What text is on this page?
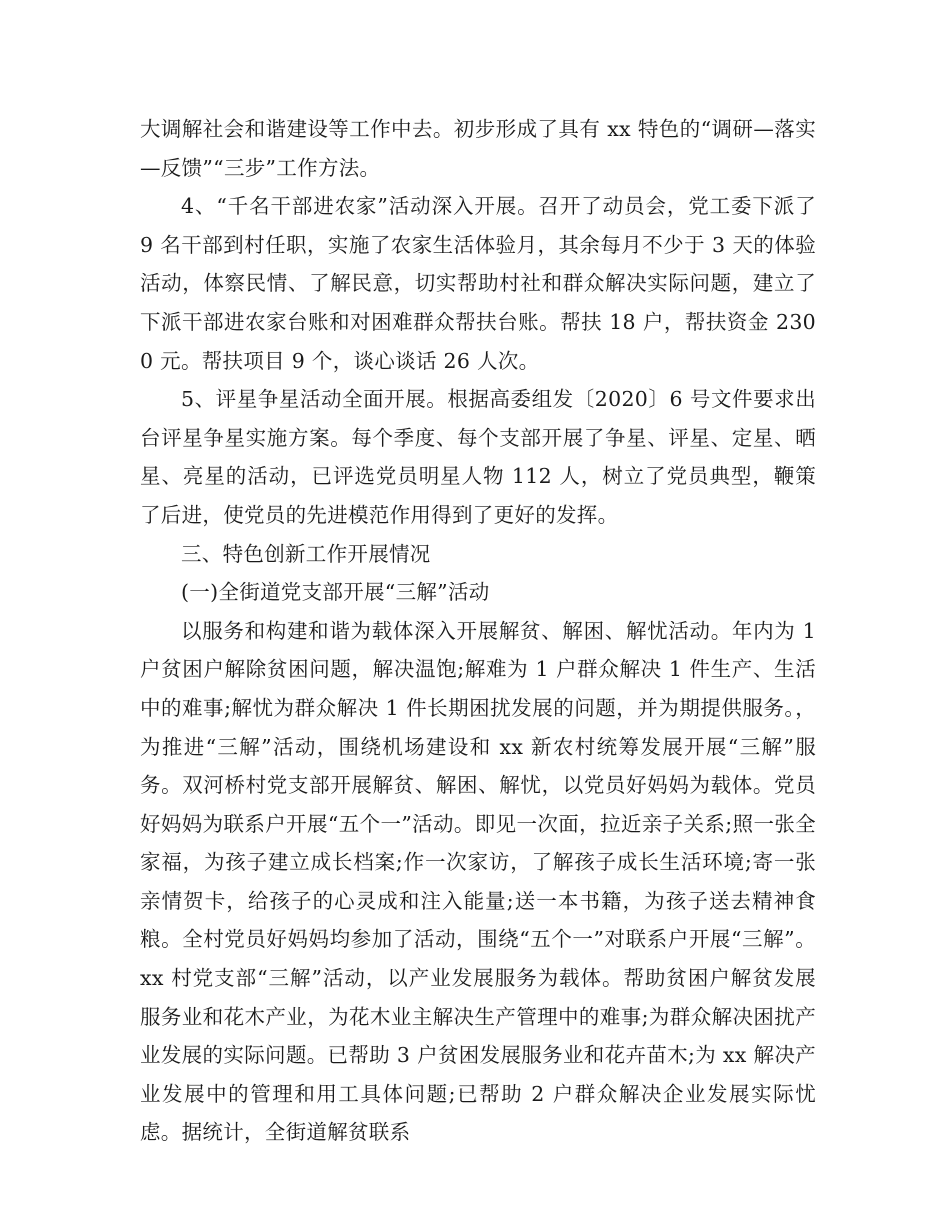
大调解社会和谐建设等工作中去。初步形成了具有 xx 特色的“调研—落实—反馈”“三步”工作方法。

4、“千名干部进农家”活动深入开展。召开了动员会，党工委下派了 9 名干部到村任职，实施了农家生活体验月，其余每月不少于 3 天的体验活动，体察民情、了解民意，切实帮助村社和群众解决实际问题，建立了下派干部进农家台账和对困难群众帮扶台账。帮扶 18 户，帮扶资金 2300 元。帮扶项目 9 个，谈心谈话 26 人次。

5、评星争星活动全面开展。根据高委组发〔2020〕6 号文件要求出台评星争星实施方案。每个季度、每个支部开展了争星、评星、定星、晒星、亮星的活动，已评选党员明星人物 112 人，树立了党员典型，鞭策了后进，使党员的先进模范作用得到了更好的发挥。

三、特色创新工作开展情况

(一)全街道党支部开展“三解”活动

以服务和构建和谐为载体深入开展解贫、解困、解忧活动。年内为 1 户贫困户解除贫困问题，解决温饱;解难为 1 户群众解决 1 件生产、生活中的难事;解忧为群众解决 1 件长期困扰发展的问题，并为期提供服务。，为推进“三解”活动，围绕机场建设和 xx 新农村统筹发展开展“三解”服务。双河桥村党支部开展解贫、解困、解忧，以党员好妈妈为载体。党员好妈妈为联系户开展“五个一”活动。即见一次面，拉近亲子关系;照一张全家福，为孩子建立成长档案;作一次家访，了解孩子成长生活环境;寄一张亲情贺卡，给孩子的心灵成和注入能量;送一本书籍，为孩子送去精神食粮。全村党员好妈妈均参加了活动，围绕“五个一”对联系户开展“三解”。xx 村党支部“三解”活动，以产业发展服务为载体。帮助贫困户解贫发展服务业和花木产业，为花木业主解决生产管理中的难事;为群众解决困扰产业发展的实际问题。已帮助 3 户贫困发展服务业和花卉苗木;为 xx 解决产业发展中的管理和用工具体问题;已帮助 2 户群众解决企业发展实际忧虑。据统计，全街道解贫联系
